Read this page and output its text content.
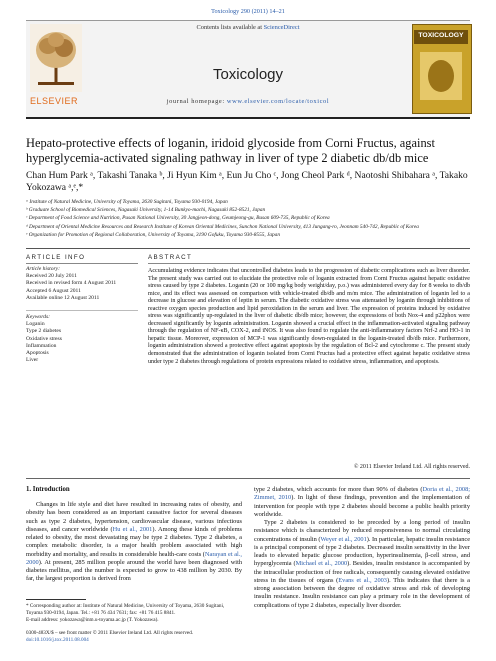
Toxicology 290 (2011) 14–21
ELSEVIER
Contents lists available at ScienceDirect
Toxicology
journal homepage: www.elsevier.com/locate/toxicol
TOXICOLOGY
Hepato-protective effects of loganin, iridoid glycoside from Corni Fructus, against hyperglycemia-activated signaling pathway in liver of type 2 diabetic db/db mice
Chan Hum Park ᵃ, Takashi Tanaka ᵇ, Ji Hyun Kim ᵃ, Eun Ju Cho ᶜ, Jong Cheol Park ᵈ, Naotoshi Shibahara ᵃ, Takako Yokozawa ᵃ,ᵉ,*
ᵃ Institute of Natural Medicine, University of Toyama, 2630 Sugitani, Toyama 930-0194, Japan
ᵇ Graduate School of Biomedical Sciences, Nagasaki University, 1-14 Bunkyo-machi, Nagasaki 852-8521, Japan
ᶜ Department of Food Science and Nutrition, Pusan National University, 30 Jangjeon-dong, Geumjeong-gu, Busan 609-735, Republic of Korea
ᵈ Department of Oriental Medicine Resources and Research Institute of Korean Oriental Medicines, Sunchon National University, 413 Jungang-ro, Jeonnam 540-742, Republic of Korea
ᵉ Organization for Promotion of Regional Collaboration, University of Toyama, 3190 Gofuku, Toyama 930-8555, Japan
ARTICLE INFO	ABSTRACT
Article history:
Received 20 July 2011
Received in revised form 4 August 2011
Accepted 6 August 2011
Available online 12 August 2011
Keywords:
Loganin
Type 2 diabetes
Oxidative stress
Inflammation
Apoptosis
Liver
Accumulating evidence indicates that uncontrolled diabetes leads to the progression of diabetic complications such as liver disorder. The present study was carried out to elucidate the protective role of loganin extracted from Corni Fructus against hepatic oxidative stress caused by type 2 diabetes. Loganin (20 or 100 mg/kg body weight/day, p.o.) was administered every day for 8 weeks to db/db mice, and its effect was assessed on comparison with vehicle-treated db/db and m/m mice. The administration of loganin led to a decrease in glucose and elevation of leptin in serum. The diabetic oxidative stress was attenuated by loganin through inhibitions of reactive oxygen species production and lipid peroxidation in the serum and liver. The expression of proteins induced by oxidative stress was significantly up-regulated in the liver of diabetic db/db mice; however, the expressions of both Nox-4 and p22phox were decreased significantly by loganin administration. Loganin showed a crucial effect in the inflammation-activated signaling pathway through the regulation of NF-κB, COX-2, and iNOS. It was also found to regulate the anti-inflammatory factors Nrf-2 and HO-1 in hepatic tissue. Moreover, expression of MCP-1 was significantly down-regulated in the loganin-treated db/db mice. Furthermore, loganin administration showed a protective effect against apoptosis by the regulation of Bcl-2 and cytochrome c. The present study demonstrated that the administration of loganin isolated from Corni Fructus had a protective effect against hepatic oxidative stress under type 2 diabetes through regulations of protein expressions related to oxidative stress, inflammation, and apoptosis.
© 2011 Elsevier Ireland Ltd. All rights reserved.
1. Introduction

Changes in life style and diet have resulted in increasing rates of obesity, and obesity has been considered as an important causative factor for several diseases such as type 2 diabetes, hypertension, cardiovascular disease, various infectious diseases, and cancer worldwide (Hu et al., 2001). Among these kinds of problems related to obesity, the most devastating may be type 2 diabetes. Type 2 diabetes, a complex metabolic disorder, is a major health problem associated with high morbidity and mortality, and results in considerable health-care costs (Narayan et al., 2000). At present, 285 million people around the world have been diagnosed with diabetes mellitus, and the number is expected to grow to 438 million by 2030. By far, the largest proportion is derived from

type 2 diabetes, which accounts for more than 90% of diabetes (Doria et al., 2008; Zimmet, 2010). In light of these findings, prevention and the implementation of intervention for people with type 2 diabetes should become a public health priority worldwide.

Type 2 diabetes is considered to be preceded by a long period of insulin resistance which is characterized by reduced responsiveness to normal circulating concentrations of insulin (Weyer et al., 2001). In particular, hepatic insulin resistance is a principal component of type 2 diabetes. Decreased insulin sensitivity in the liver leads to elevated hepatic glucose production, hyperinsulinemia, β-cell stress, and hyperglycemia (Michael et al., 2000). Besides, insulin resistance is accompanied by the intracellular production of free radicals, consequently causing elevated oxidative stress in the tissues of organs (Evans et al., 2003). This indicates that there is a strong association between the degree of oxidative stress and risk of developing insulin resistance. Insulin resistance can play a primary role in the development of complications of type 2 diabetes, especially liver disorder.

* Corresponding author at: Institute of Natural Medicine, University of Toyama, 2630 Sugitani, Toyama 930-0194, Japan. Tel.: +81 76 434 7631; fax: +81 76 415 8841.
E-mail address: yokozawa@inm.u-toyama.ac.jp (T. Yokozawa).
0300-483X/$ – see front matter © 2011 Elsevier Ireland Ltd. All rights reserved.
doi:10.1016/j.tox.2011.08.004
